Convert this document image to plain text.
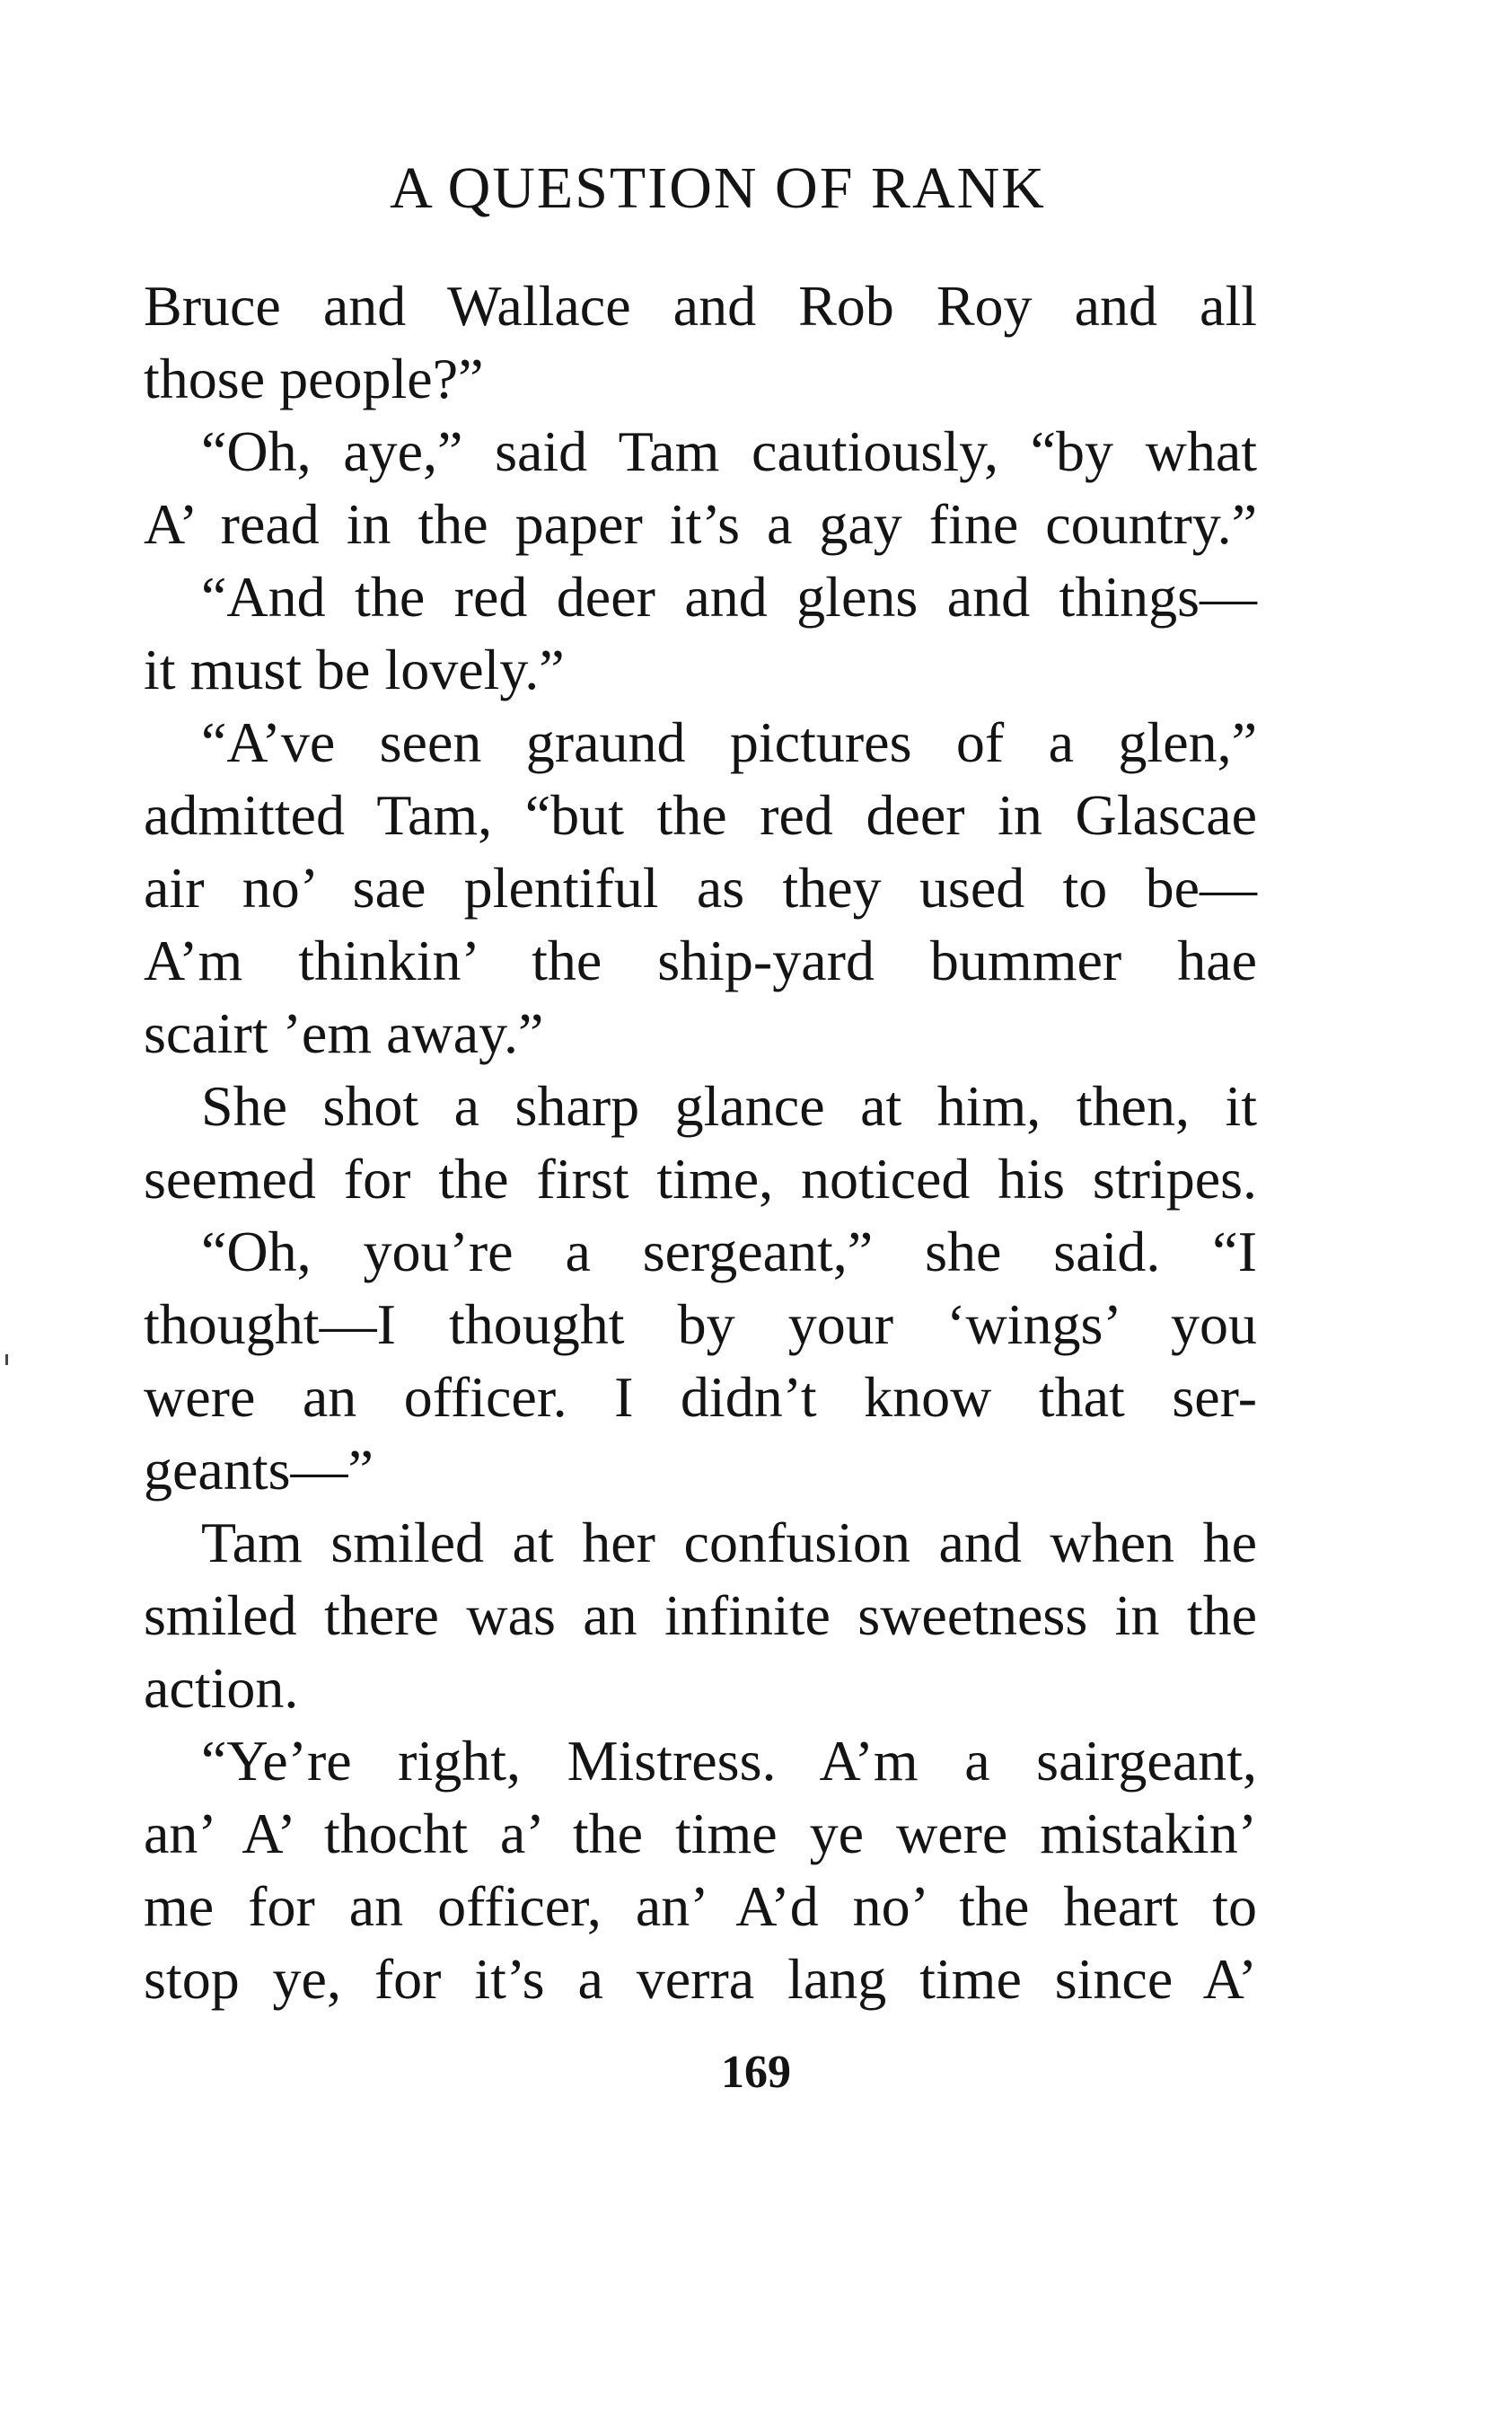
A QUESTION OF RANK
Bruce and Wallace and Rob Roy and all
those people?”
“Oh, aye,” said Tam cautiously, “by what
A’ read in the paper it’s a gay fine country.”
“And the red deer and glens and things—
it must be lovely.”
“A’ve seen graund pictures of a glen,”
admitted Tam, “but the red deer in Glascae
air no’ sae plentiful as they used to be—
A’m thinkin’ the ship-yard bummer hae
scairt ’em away.”
She shot a sharp glance at him, then, it
seemed for the first time, noticed his stripes.
“Oh, you’re a sergeant,” she said. “I
thought—I thought by your ‘wings’ you
were an officer. I didn’t know that ser-
geants—”
Tam smiled at her confusion and when he
smiled there was an infinite sweetness in the
action.
“Ye’re right, Mistress. A’m a sairgeant,
an’ A’ thocht a’ the time ye were mistakin’
me for an officer, an’ A’d no’ the heart to
stop ye, for it’s a verra lang time since A’
169
